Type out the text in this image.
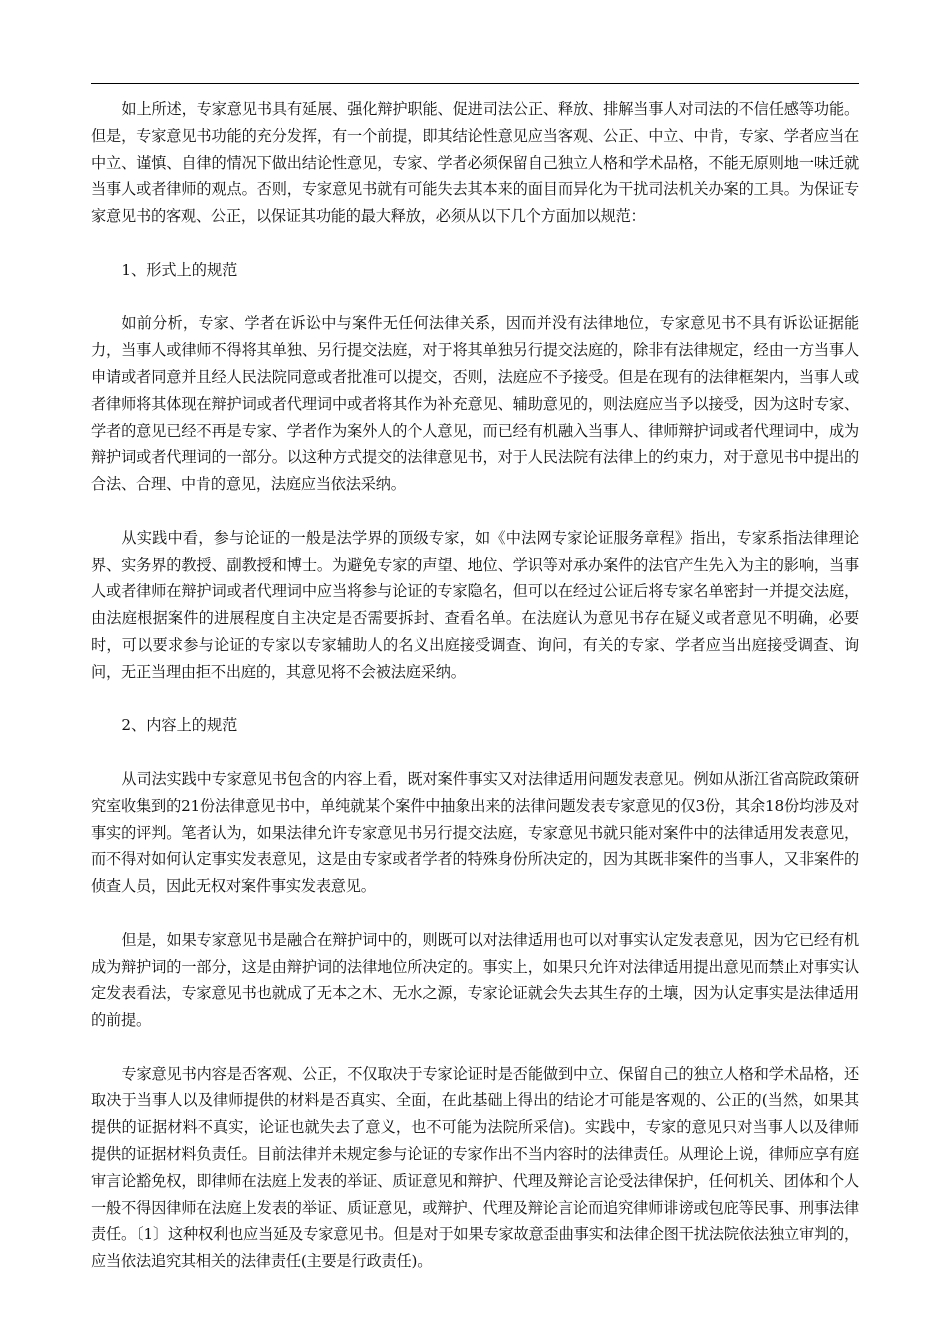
如上所述，专家意见书具有延展、强化辩护职能、促进司法公正、释放、排解当事人对司法的不信任感等功能。但是，专家意见书功能的充分发挥，有一个前提，即其结论性意见应当客观、公正、中立、中肯，专家、学者应当在中立、谨慎、自律的情况下做出结论性意见，专家、学者必须保留自己独立人格和学术品格，不能无原则地一味迁就当事人或者律师的观点。否则，专家意见书就有可能失去其本来的面目而异化为干扰司法机关办案的工具。为保证专家意见书的客观、公正，以保证其功能的最大释放，必须从以下几个方面加以规范：

1、形式上的规范

如前分析，专家、学者在诉讼中与案件无任何法律关系，因而并没有法律地位，专家意见书不具有诉讼证据能力，当事人或律师不得将其单独、另行提交法庭，对于将其单独另行提交法庭的，除非有法律规定，经由一方当事人申请或者同意并且经人民法院同意或者批准可以提交，否则，法庭应不予接受。但是在现有的法律框架内，当事人或者律师将其体现在辩护词或者代理词中或者将其作为补充意见、辅助意见的，则法庭应当予以接受，因为这时专家、学者的意见已经不再是专家、学者作为案外人的个人意见，而已经有机融入当事人、律师辩护词或者代理词中，成为辩护词或者代理词的一部分。以这种方式提交的法律意见书，对于人民法院有法律上的约束力，对于意见书中提出的合法、合理、中肯的意见，法庭应当依法采纳。

从实践中看，参与论证的一般是法学界的顶级专家，如《中法网专家论证服务章程》指出，专家系指法律理论界、实务界的教授、副教授和博士。为避免专家的声望、地位、学识等对承办案件的法官产生先入为主的影响，当事人或者律师在辩护词或者代理词中应当将参与论证的专家隐名，但可以在经过公证后将专家名单密封一并提交法庭，由法庭根据案件的进展程度自主决定是否需要拆封、查看名单。在法庭认为意见书存在疑义或者意见不明确，必要时，可以要求参与论证的专家以专家辅助人的名义出庭接受调查、询问，有关的专家、学者应当出庭接受调查、询问，无正当理由拒不出庭的，其意见将不会被法庭采纳。

2、内容上的规范

从司法实践中专家意见书包含的内容上看，既对案件事实又对法律适用问题发表意见。例如从浙江省高院政策研究室收集到的21份法律意见书中，单纯就某个案件中抽象出来的法律问题发表专家意见的仅3份，其余18份均涉及对事实的评判。笔者认为，如果法律允许专家意见书另行提交法庭，专家意见书就只能对案件中的法律适用发表意见，而不得对如何认定事实发表意见，这是由专家或者学者的特殊身份所决定的，因为其既非案件的当事人，又非案件的侦查人员，因此无权对案件事实发表意见。

但是，如果专家意见书是融合在辩护词中的，则既可以对法律适用也可以对事实认定发表意见，因为它已经有机成为辩护词的一部分，这是由辩护词的法律地位所决定的。事实上，如果只允许对法律适用提出意见而禁止对事实认定发表看法，专家意见书也就成了无本之木、无水之源，专家论证就会失去其生存的土壤，因为认定事实是法律适用的前提。

专家意见书内容是否客观、公正，不仅取决于专家论证时是否能做到中立、保留自己的独立人格和学术品格，还取决于当事人以及律师提供的材料是否真实、全面，在此基础上得出的结论才可能是客观的、公正的(当然，如果其提供的证据材料不真实，论证也就失去了意义，也不可能为法院所采信)。实践中，专家的意见只对当事人以及律师提供的证据材料负责任。目前法律并未规定参与论证的专家作出不当内容时的法律责任。从理论上说，律师应享有庭审言论豁免权，即律师在法庭上发表的举证、质证意见和辩护、代理及辩论言论受法律保护，任何机关、团体和个人一般不得因律师在法庭上发表的举证、质证意见，或辩护、代理及辩论言论而追究律师诽谤或包庇等民事、刑事法律责任。〔1〕这种权利也应当延及专家意见书。但是对于如果专家故意歪曲事实和法律企图干扰法院依法独立审判的，应当依法追究其相关的法律责任(主要是行政责任)。
